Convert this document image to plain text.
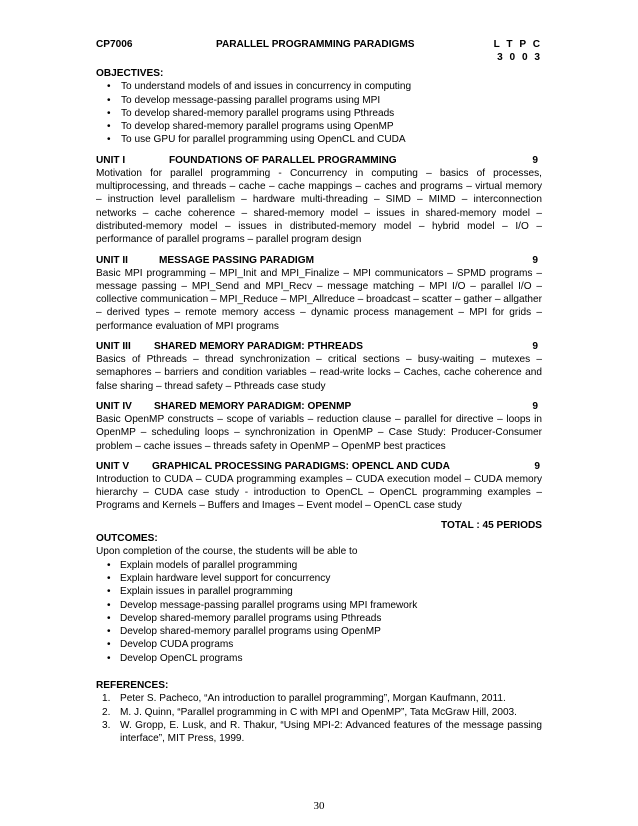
CP7006	PARALLEL PROGRAMMING PARADIGMS	L T P C
3 0 0 3
OBJECTIVES:
• To understand models of and issues in concurrency in computing
• To develop message-passing parallel programs using MPI
• To develop shared-memory parallel programs using Pthreads
• To develop shared-memory parallel programs using OpenMP
• To use GPU for parallel programming using OpenCL and CUDA
UNIT I	FOUNDATIONS OF PARALLEL PROGRAMMING	9
Motivation for parallel programming - Concurrency in computing – basics of processes, multiprocessing, and threads – cache – cache mappings – caches and programs – virtual memory – instruction level parallelism – hardware multi-threading – SIMD – MIMD – interconnection networks – cache coherence – shared-memory model – issues in shared-memory model – distributed-memory model – issues in distributed-memory model – hybrid model – I/O – performance of parallel programs – parallel program design
UNIT II	MESSAGE PASSING PARADIGM	9
Basic MPI programming – MPI_Init and MPI_Finalize – MPI communicators – SPMD programs – message passing – MPI_Send and MPI_Recv – message matching – MPI I/O – parallel I/O – collective communication – MPI_Reduce – MPI_Allreduce – broadcast – scatter – gather – allgather – derived types – remote memory access – dynamic process management – MPI for grids – performance evaluation of MPI programs
UNIT III SHARED MEMORY PARADIGM: PTHREADS	9
Basics of Pthreads – thread synchronization – critical sections – busy-waiting – mutexes – semaphores – barriers and condition variables – read-write locks – Caches, cache coherence and false sharing – thread safety – Pthreads case study
UNIT IV SHARED MEMORY PARADIGM: OPENMP	9
Basic OpenMP constructs – scope of variabls – reduction clause – parallel for directive – loops in OpenMP – scheduling loops – synchronization in OpenMP – Case Study: Producer-Consumer problem – cache issues – threads safety in OpenMP – OpenMP best practices
UNIT V GRAPHICAL PROCESSING PARADIGMS: OPENCL AND CUDA	9
Introduction to CUDA – CUDA programming examples – CUDA execution model – CUDA memory hierarchy – CUDA case study - introduction to OpenCL – OpenCL programming examples – Programs and Kernels – Buffers and Images – Event model – OpenCL case study
TOTAL : 45 PERIODS
OUTCOMES:
Upon completion of the course, the students will be able to
• Explain models of parallel programming
• Explain hardware level support for concurrency
• Explain issues in parallel programming
• Develop message-passing parallel programs using MPI framework
• Develop shared-memory parallel programs using Pthreads
• Develop shared-memory parallel programs using OpenMP
• Develop CUDA programs
• Develop OpenCL programs
REFERENCES:
1. Peter S. Pacheco, “An introduction to parallel programming”, Morgan Kaufmann, 2011.
2. M. J. Quinn, “Parallel programming in C with MPI and OpenMP”, Tata McGraw Hill, 2003.
3. W. Gropp, E. Lusk, and R. Thakur, “Using MPI-2: Advanced features of the message passing interface”, MIT Press, 1999.
30
